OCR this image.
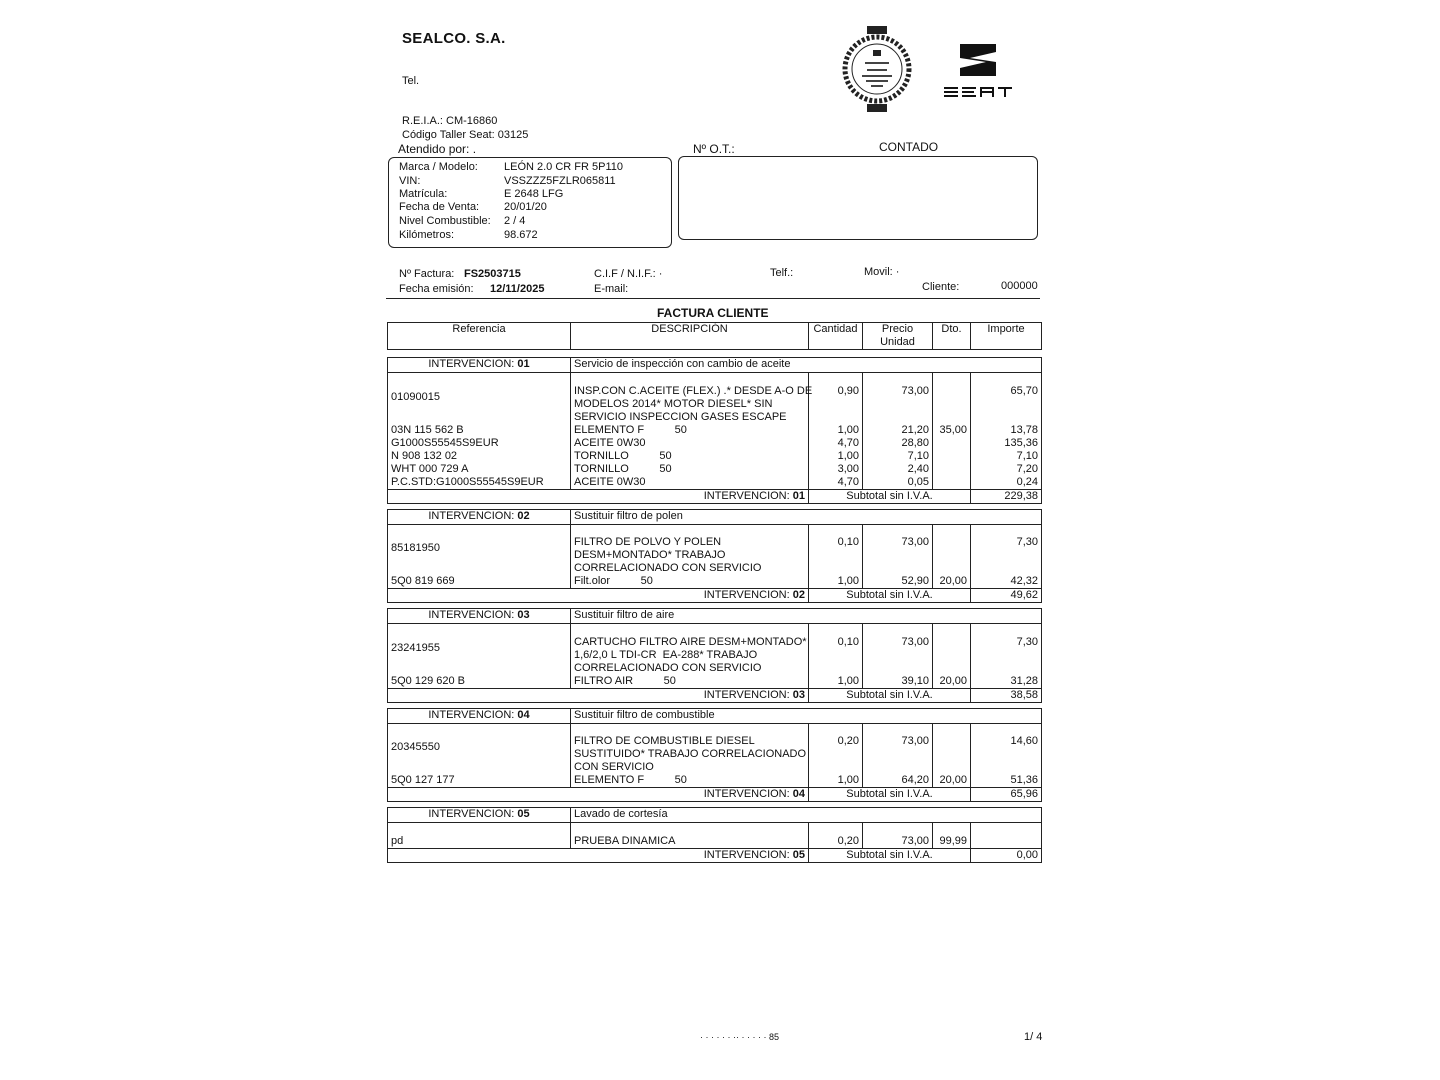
SEALCO. S.A.
Tel.
R.E.I.A.: CM-16860
Código Taller Seat: 03125
Atendido por: .	Nº O.T.:	CONTADO
Marca / Modelo: LEÓN 2.0 CR FR 5P110
VIN:	VSSZZZ5FZLR065811
Matrícula:	E 2648 LFG
Fecha de Venta: 20/01/20
Nivel Combustible: 2 / 4
Kilómetros:	98.672
Nº Factura: FS2503715
Fecha emisión: 12/11/2025
C.I.F / N.I.F.: ·
E-mail:
Telf.:	Movil: ·
Cliente:	000000
FACTURA CLIENTE
Referencia	DESCRIPCIÓN	Cantidad	Precio Unidad	Dto.	Importe

INTERVENCION: 01	Servicio de inspección con cambio de aceite				

01090015	INSP.CON C.ACEITE (FLEX.) .* DESDE A-O DE
MODELOS 2014* MOTOR DIESEL* SIN
SERVICIO INSPECCION GASES ESCAPE	0,90	73,00		65,70
03N 115 562 B	ELEMENTO F          50	1,00	21,20	35,00	13,78
G1000S55545S9EUR	ACEITE 0W30	4,70	28,80		135,36
N 908 132 02	TORNILLO          50	1,00	7,10		7,10
WHT 000 729 A	TORNILLO          50	3,00	2,40		7,20
P.C.STD:G1000S55545S9EUR	ACEITE 0W30	4,70	0,05		0,24
INTERVENCION: 01		Subtotal sin I.V.A.			229,38

INTERVENCION: 02	Sustituir filtro de polen				

85181950	FILTRO DE POLVO Y POLEN
DESM+MONTADO* TRABAJO
CORRELACIONADO CON SERVICIO	0,10	73,00		7,30
5Q0 819 669	Filt.olor          50	1,00	52,90	20,00	42,32
INTERVENCION: 02		Subtotal sin I.V.A.			49,62

INTERVENCION: 03	Sustituir filtro de aire				

23241955	CARTUCHO FILTRO AIRE DESM+MONTADO*
1,6/2,0 L TDI-CR  EA-288* TRABAJO
CORRELACIONADO CON SERVICIO	0,10	73,00		7,30
5Q0 129 620 B	FILTRO AIR          50	1,00	39,10	20,00	31,28
INTERVENCION: 03		Subtotal sin I.V.A.			38,58

INTERVENCION: 04	Sustituir filtro de combustible				

20345550	FILTRO DE COMBUSTIBLE DIESEL
SUSTITUIDO* TRABAJO CORRELACIONADO
CON SERVICIO	0,20	73,00		14,60
5Q0 127 177	ELEMENTO F          50	1,00	64,20	20,00	51,36
INTERVENCION: 04		Subtotal sin I.V.A.			65,96

INTERVENCION: 05	Lavado de cortesía				

pd	PRUEBA DINAMICA	0,20	73,00	99,99	
INTERVENCION: 05		Subtotal sin I.V.A.			0,00
· · · · · · ·· · · · · · 85	1/ 4
